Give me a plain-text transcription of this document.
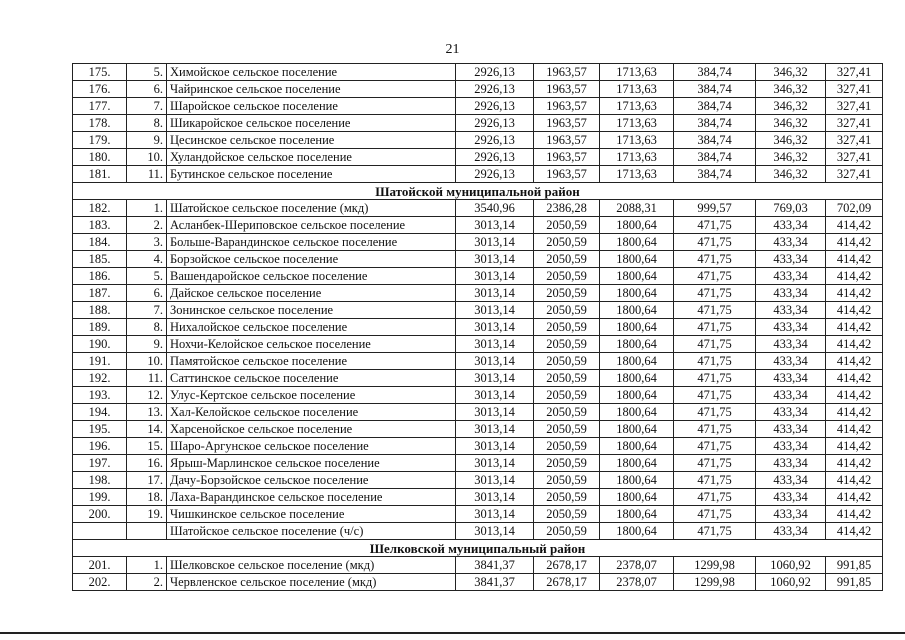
21
175.	5.	Химойское сельское поселение	2926,13	1963,57	1713,63	384,74	346,32	327,41
176.	6.	Чайринское сельское поселение	2926,13	1963,57	1713,63	384,74	346,32	327,41
177.	7.	Шаройское сельское поселение	2926,13	1963,57	1713,63	384,74	346,32	327,41
178.	8.	Шикаройское сельское поселение	2926,13	1963,57	1713,63	384,74	346,32	327,41
179.	9.	Цесинское сельское поселение	2926,13	1963,57	1713,63	384,74	346,32	327,41
180.	10.	Хуландойское сельское поселение	2926,13	1963,57	1713,63	384,74	346,32	327,41
181.	11.	Бутинское сельское поселение	2926,13	1963,57	1713,63	384,74	346,32	327,41
Шатойской муниципальной район								
182.	1.	Шатойское сельское поселение (мкд)	3540,96	2386,28	2088,31	999,57	769,03	702,09
183.	2.	Асланбек-Шериповское сельское поселение	3013,14	2050,59	1800,64	471,75	433,34	414,42
184.	3.	Больше-Варандинское сельское поселение	3013,14	2050,59	1800,64	471,75	433,34	414,42
185.	4.	Борзойское сельское поселение	3013,14	2050,59	1800,64	471,75	433,34	414,42
186.	5.	Вашендаройское сельское поселение	3013,14	2050,59	1800,64	471,75	433,34	414,42
187.	6.	Дайское сельское поселение	3013,14	2050,59	1800,64	471,75	433,34	414,42
188.	7.	Зонинское сельское поселение	3013,14	2050,59	1800,64	471,75	433,34	414,42
189.	8.	Нихалойское сельское поселение	3013,14	2050,59	1800,64	471,75	433,34	414,42
190.	9.	Нохчи-Келойское сельское поселение	3013,14	2050,59	1800,64	471,75	433,34	414,42
191.	10.	Памятойское сельское поселение	3013,14	2050,59	1800,64	471,75	433,34	414,42
192.	11.	Саттинское сельское поселение	3013,14	2050,59	1800,64	471,75	433,34	414,42
193.	12.	Улус-Кертское сельское поселение	3013,14	2050,59	1800,64	471,75	433,34	414,42
194.	13.	Хал-Келойское сельское поселение	3013,14	2050,59	1800,64	471,75	433,34	414,42
195.	14.	Харсенойское сельское поселение	3013,14	2050,59	1800,64	471,75	433,34	414,42
196.	15.	Шаро-Аргунское сельское поселение	3013,14	2050,59	1800,64	471,75	433,34	414,42
197.	16.	Ярыш-Марлинское сельское поселение	3013,14	2050,59	1800,64	471,75	433,34	414,42
198.	17.	Дачу-Борзойское сельское поселение	3013,14	2050,59	1800,64	471,75	433,34	414,42
199.	18.	Лаха-Варандинское сельское поселение	3013,14	2050,59	1800,64	471,75	433,34	414,42
200.	19.	Чишкинское сельское поселение	3013,14	2050,59	1800,64	471,75	433,34	414,42
		Шатойское сельское поселение (ч/с)	3013,14	2050,59	1800,64	471,75	433,34	414,42
Шелковской муниципальный район								
201.	1.	Шелковское сельское поселение (мкд)	3841,37	2678,17	2378,07	1299,98	1060,92	991,85
202.	2.	Червленское сельское поселение (мкд)	3841,37	2678,17	2378,07	1299,98	1060,92	991,85
